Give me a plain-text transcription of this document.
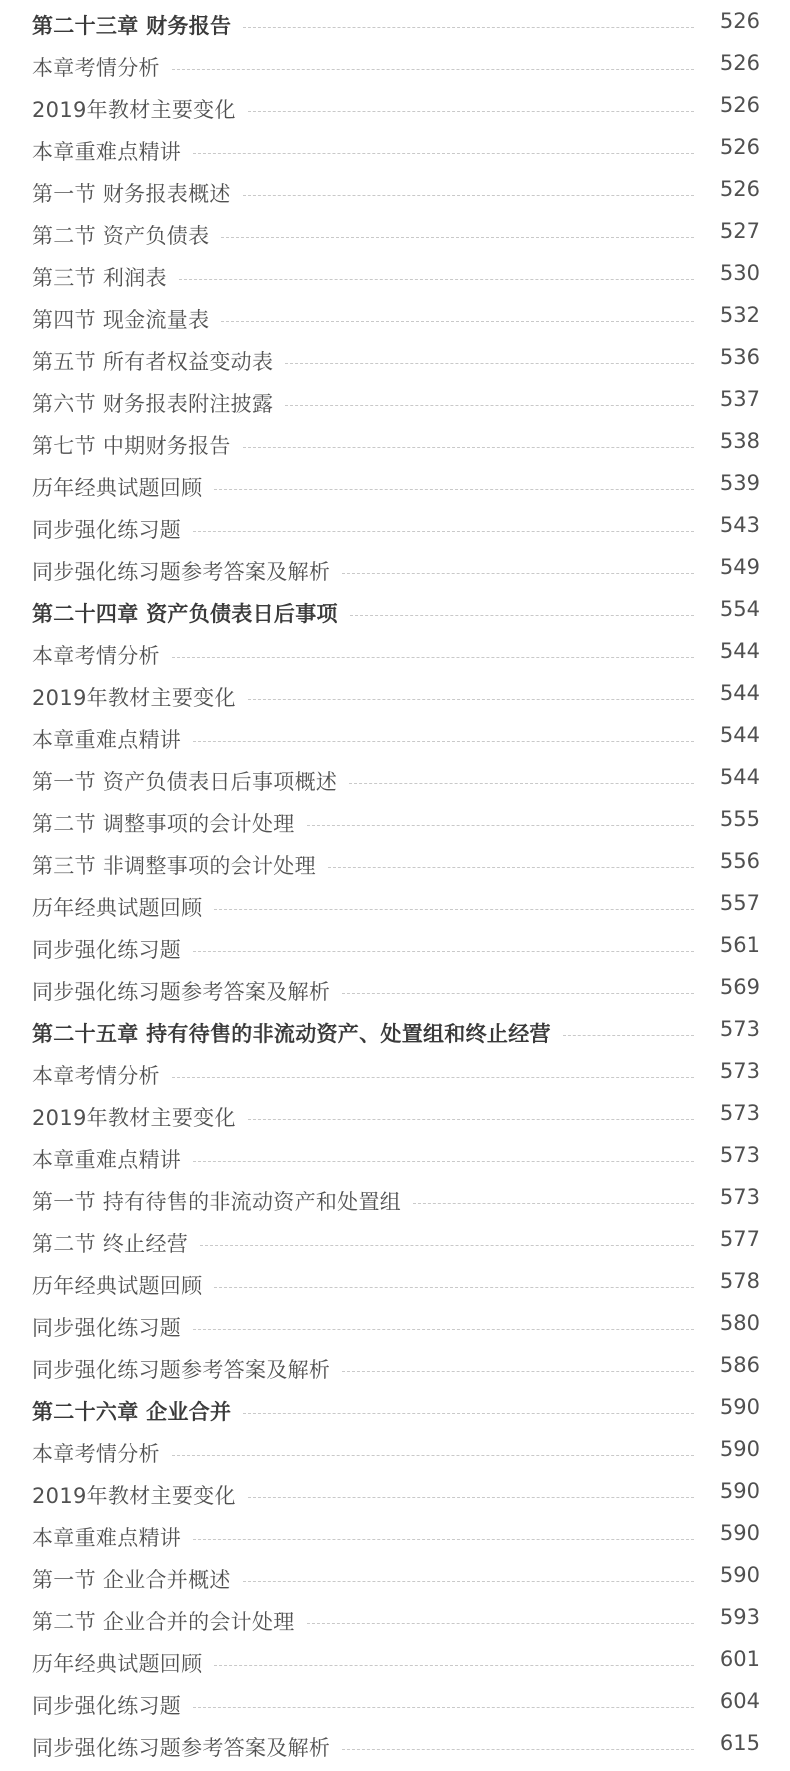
第二十三章 财务报告	526
本章考情分析	526
2019年教材主要变化	526
本章重难点精讲	526
第一节 财务报表概述	526
第二节 资产负债表	527
第三节 利润表	530
第四节 现金流量表	532
第五节 所有者权益变动表	536
第六节 财务报表附注披露	537
第七节 中期财务报告	538
历年经典试题回顾	539
同步强化练习题	543
同步强化练习题参考答案及解析	549
第二十四章 资产负债表日后事项	554
本章考情分析	544
2019年教材主要变化	544
本章重难点精讲	544
第一节 资产负债表日后事项概述	544
第二节 调整事项的会计处理	555
第三节 非调整事项的会计处理	556
历年经典试题回顾	557
同步强化练习题	561
同步强化练习题参考答案及解析	569
第二十五章 持有待售的非流动资产、处置组和终止经营	573
本章考情分析	573
2019年教材主要变化	573
本章重难点精讲	573
第一节 持有待售的非流动资产和处置组	573
第二节 终止经营	577
历年经典试题回顾	578
同步强化练习题	580
同步强化练习题参考答案及解析	586
第二十六章 企业合并	590
本章考情分析	590
2019年教材主要变化	590
本章重难点精讲	590
第一节 企业合并概述	590
第二节 企业合并的会计处理	593
历年经典试题回顾	601
同步强化练习题	604
同步强化练习题参考答案及解析	615
